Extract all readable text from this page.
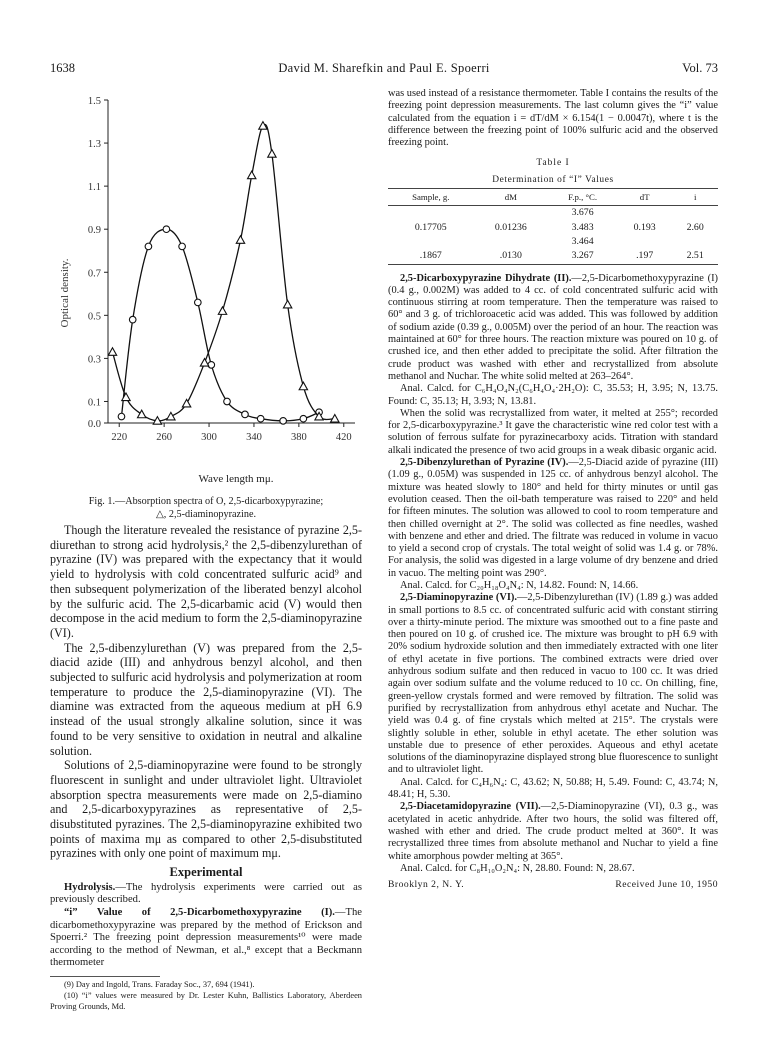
1638	David M. Sharefkin and Paul E. Spoerri	Vol. 73
0.0
0.1
0.3
0.5
0.7
0.9
1.1
1.3
1.5
220	260	300	340	380	420
Optical density.
Wave length mμ.
Fig. 1.—Absorption spectra of O, 2,5-dicarboxypyrazine;
△, 2,5-diaminopyrazine.

Though the literature revealed the resistance of pyrazine 2,5-diurethan to strong acid hydrolysis,² the 2,5-dibenzylurethan of pyrazine (IV) was prepared with the expectancy that it would yield to hydrolysis with cold concentrated sulfuric acid⁹ and then subsequent polymerization of the liberated benzyl alcohol by the sulfuric acid. The 2,5-dicarbamic acid (V) would then decompose in the acid medium to form the 2,5-diaminopyrazine (VI).

The 2,5-dibenzylurethan (V) was prepared from the 2,5-diacid azide (III) and anhydrous benzyl alcohol, and then subjected to sulfuric acid hydrolysis and polymerization at room temperature to produce the 2,5-diaminopyrazine (VI). The diamine was extracted from the aqueous medium at pH 6.9 instead of the usual strongly alkaline solution, since it was found to be very sensitive to oxidation in neutral and alkaline solution.

Solutions of 2,5-diaminopyrazine were found to be strongly fluorescent in sunlight and under ultraviolet light. Ultraviolet absorption spectra measurements were made on 2,5-diamino and 2,5-dicarboxypyrazines as representative of 2,5-disubstituted pyrazines. The 2,5-diaminopyrazine exhibited two points of maxima mμ as compared to other 2,5-disubstituted pyrazines with only one point of maximum mμ.

Experimental

Hydrolysis.—The hydrolysis experiments were carried out as previously described.

“i” Value of 2,5-Dicarbomethoxypyrazine (I).—The dicarbomethoxypyrazine was prepared by the method of Erickson and Spoerri.² The freezing point depression measurements¹⁰ were made according to the method of Newman, et al.,⁸ except that a Beckmann thermometer

(9) Day and Ingold, Trans. Faraday Soc., 37, 694 (1941).

(10) “i” values were measured by Dr. Lester Kuhn, Ballistics Laboratory, Aberdeen Proving Grounds, Md.

was used instead of a resistance thermometer. Table I contains the results of the freezing point depression measurements. The last column gives the “i” value calculated from the equation i = dT/dM × 6.154(1 − 0.0047t), where t is the difference between the freezing point of 100% sulfuric acid and the observed freezing point.

Table I
Determination of “I” Values
Sample, g.	dM	F.p., °C.	dT	i
		3.676		
0.17705	0.01236	3.483	0.193	2.60
		3.464		
.1867	.0130	3.267	.197	2.51

2,5-Dicarboxypyrazine Dihydrate (II).—2,5-Dicarbomethoxypyrazine (I) (0.4 g., 0.002M) was added to 4 cc. of cold concentrated sulfuric acid with continuous stirring at room temperature. Then the temperature was raised to 60° and 3 g. of trichloroacetic acid was added. This was followed by addition of sodium azide (0.39 g., 0.005M) over the period of an hour. The reaction was maintained at 60° for three hours. The reaction mixture was poured on 10 g. of crushed ice, and then ether added to precipitate the solid. After filtration the crude product was washed with ether and recrystallized from absolute methanol and Nuchar. The white solid melted at 263–264°.

Anal. Calcd. for C₆H₄O₄N₂(C₆H₄O₄·2H₂O): C, 35.53; H, 3.95; N, 13.75. Found: C, 35.13; H, 3.93; N, 13.81.

When the solid was recrystallized from water, it melted at 255°; recorded for 2,5-dicarboxypyrazine.³ It gave the characteristic wine red color test with a solution of ferrous sulfate for pyrazinecarboxy acids. Titration with standard alkali indicated the presence of two acid groups in a weak dibasic organic acid.

2,5-Dibenzylurethan of Pyrazine (IV).—2,5-Diacid azide of pyrazine (III) (1.09 g., 0.05M) was suspended in 125 cc. of anhydrous benzyl alcohol. The mixture was heated slowly to 180° and held for thirty minutes or until gas evolution ceased. Then the oil-bath temperature was raised to 220° and held for fifteen minutes. The solution was allowed to cool to room temperature and then chilled overnight at 2°. The solid was collected as fine needles, washed with benzene and ether and dried. The filtrate was reduced in volume in vacuo to yield a second crop of crystals. The total weight of solid was 1.4 g. or 78%. For analysis, the solid was digested in a large volume of dry benzene and dried in vacuo. The melting point was 290°.

Anal. Calcd. for C₂₀H₁₈O₄N₄: N, 14.82. Found: N, 14.66.

2,5-Diaminopyrazine (VI).—2,5-Dibenzylurethan (IV) (1.89 g.) was added in small portions to 8.5 cc. of concentrated sulfuric acid with constant stirring over a thirty-minute period. The mixture was smoothed out to a fine paste and then poured on 10 g. of crushed ice. The mixture was brought to pH 6.9 with 20% sodium hydroxide solution and then immediately extracted with one liter of ethyl acetate in five portions. The combined extracts were dried over anhydrous sodium sulfate and then reduced in vacuo to 100 cc. It was dried again over sodium sulfate and the volume reduced to 10 cc. On chilling, fine, green-yellow crystals formed and were removed by filtration. The solid was purified by recrystallization from anhydrous ethyl acetate and Nuchar. The yield was 0.4 g. of fine crystals which melted at 215°. The crystals were slightly soluble in ether, soluble in ethyl acetate. The ether solution was unstable due to presence of ether peroxides. Aqueous and ethyl acetate solutions of the diaminopyrazine displayed strong blue fluorescence to sunlight and to ultraviolet light.

Anal. Calcd. for C₄H₆N₄: C, 43.62; N, 50.88; H, 5.49. Found: C, 43.74; N, 48.41; H, 5.30.

2,5-Diacetamidopyrazine (VII).—2,5-Diaminopyrazine (VI), 0.3 g., was acetylated in acetic anhydride. After two hours, the solid was filtered off, washed with ether and dried. The crude product melted at 360°. It was recrystallized three times from absolute methanol and Nuchar to yield a fine white amorphous powder melting at 365°.

Anal. Calcd. for C₈H₁₀O₂N₄: N, 28.80. Found: N, 28.67.

Brooklyn 2, N. Y.	Received June 10, 1950
